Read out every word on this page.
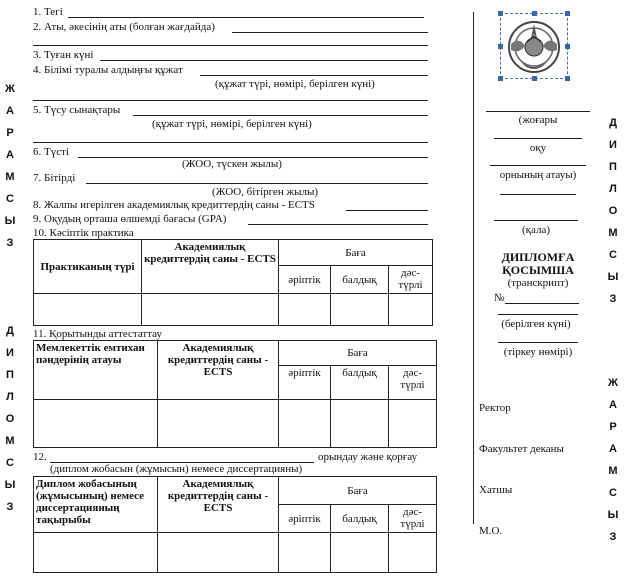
Ж
А
Р
А
М
С
Ы
З
Д
И
П
Л
О
М
С
Ы
З
Д
И
П
Л
О
М
С
Ы
З
Ж
А
Р
А
М
С
Ы
З
1. Тегі
2. Аты, әкесінің аты (болған жағдайда)
3. Туған күні
4. Білімі туралы алдыңғы құжат
(құжат түрі, нөмірі, берілген күні)
5. Түсу сынақтары
(құжат түрі, нөмірі, берілген күні)
6. Түсті
(ЖОО, түскен жылы)
7. Бітірді
(ЖОО, бітірген жылы)
8. Жалпы игерілген академиялық кредиттердің саны - ECTS
9. Оқудың орташа өлшемді бағасы (GPA)
10. Кәсіптік практика
Практиканың түрі	Академиялық кредиттердің саны - ECTS	Баға		
		әріптік	балдық	дәс-түрлі

11. Қорытынды аттестаттау
Мемлекеттік емтихан пәндерінің атауы	Академиялық кредиттердің саны - ECTS	Баға		
		әріптік	балдық	дәс-түрлі

12.	орындау және қорғау
(диплом жобасын (жұмысын) немесе диссертацияны)
Диплом жобасының (жұмысының) немесе диссертацияның тақырыбы	Академиялық кредиттердің саны - ECTS	Баға		
		әріптік	балдық	дәс-түрлі

(жоғары
оқу
орнының атауы)
(қала)
ДИПЛОМҒА
ҚОСЫМША
(транскрипт)
№
(берілген күні)
(тіркеу нөмірі)
Ректор
Факультет деканы
Хатшы
М.О.
